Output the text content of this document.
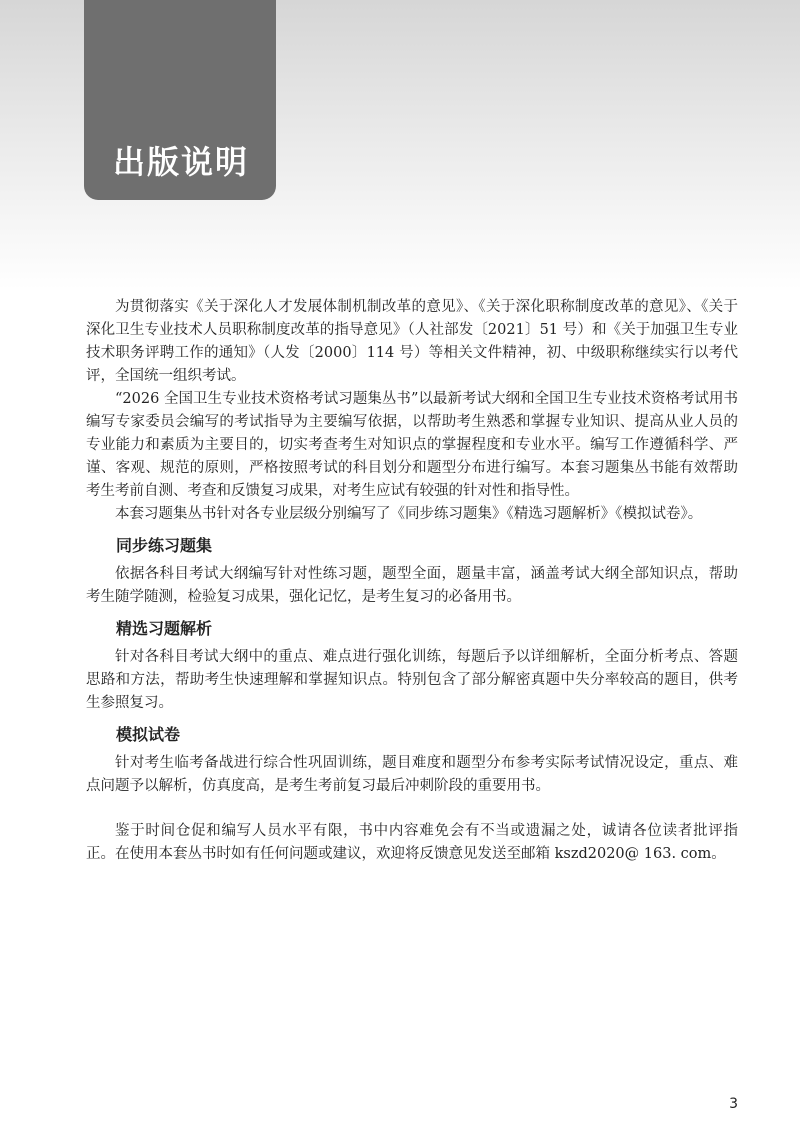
出版说明

为贯彻落实《关于深化人才发展体制机制改革的意见》、《关于深化职称制度改革的意见》、《关于深化卫生专业技术人员职称制度改革的指导意见》（人社部发〔2021〕51 号）和《关于加强卫生专业技术职务评聘工作的通知》（人发〔2000〕114 号）等相关文件精神，初、中级职称继续实行以考代评，全国统一组织考试。

“2026 全国卫生专业技术资格考试习题集丛书”以最新考试大纲和全国卫生专业技术资格考试用书编写专家委员会编写的考试指导为主要编写依据，以帮助考生熟悉和掌握专业知识、提高从业人员的专业能力和素质为主要目的，切实考查考生对知识点的掌握程度和专业水平。编写工作遵循科学、严谨、客观、规范的原则，严格按照考试的科目划分和题型分布进行编写。本套习题集丛书能有效帮助考生考前自测、考查和反馈复习成果，对考生应试有较强的针对性和指导性。

本套习题集丛书针对各专业层级分别编写了《同步练习题集》《精选习题解析》《模拟试卷》。

同步练习题集

依据各科目考试大纲编写针对性练习题，题型全面，题量丰富，涵盖考试大纲全部知识点，帮助考生随学随测，检验复习成果，强化记忆，是考生复习的必备用书。

精选习题解析

针对各科目考试大纲中的重点、难点进行强化训练，每题后予以详细解析，全面分析考点、答题思路和方法，帮助考生快速理解和掌握知识点。特别包含了部分解密真题中失分率较高的题目，供考生参照复习。

模拟试卷

针对考生临考备战进行综合性巩固训练，题目难度和题型分布参考实际考试情况设定，重点、难点问题予以解析，仿真度高，是考生考前复习最后冲刺阶段的重要用书。

鉴于时间仓促和编写人员水平有限，书中内容难免会有不当或遗漏之处，诚请各位读者批评指正。在使用本套丛书时如有任何问题或建议，欢迎将反馈意见发送至邮箱 kszd2020@ 163. com。

3
